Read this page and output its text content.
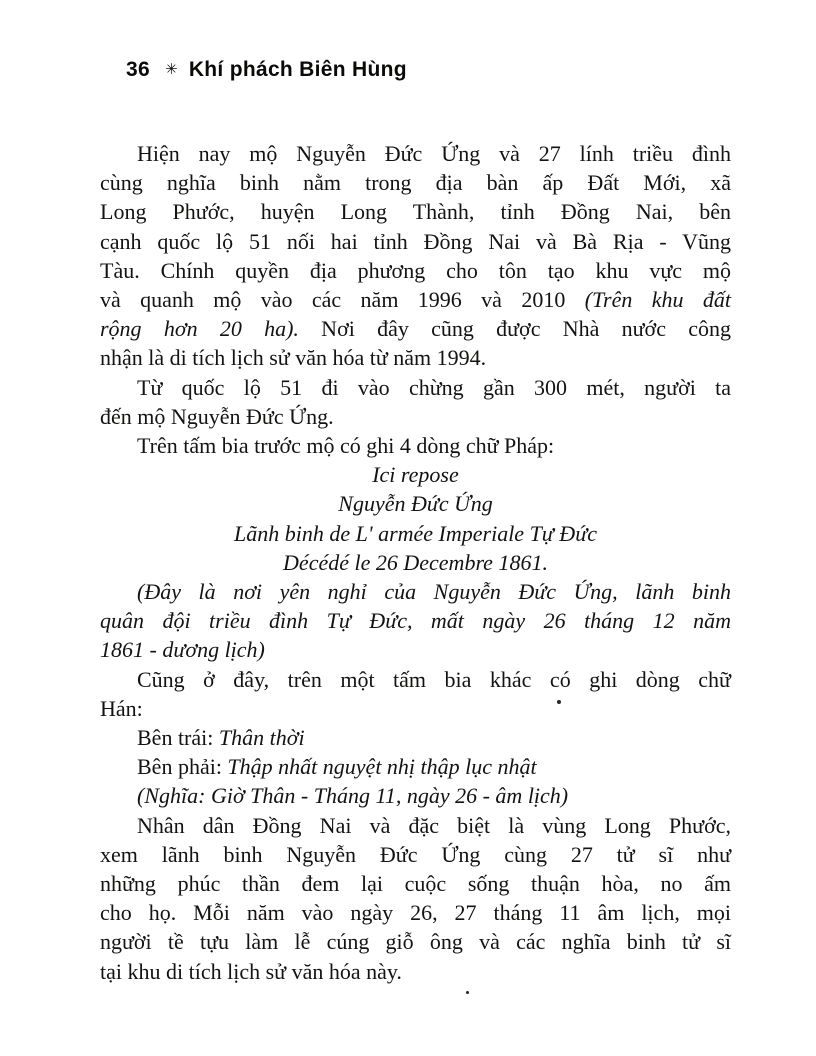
36 ✳ Khí phách Biên Hùng
Hiện nay mộ Nguyễn Đức Ứng và 27 lính triều đình
cùng nghĩa binh nằm trong địa bàn ấp Đất Mới, xã
Long Phước, huyện Long Thành, tỉnh Đồng Nai, bên
cạnh quốc lộ 51 nối hai tỉnh Đồng Nai và Bà Rịa - Vũng
Tàu. Chính quyền địa phương cho tôn tạo khu vực mộ
và quanh mộ vào các năm 1996 và 2010 (Trên khu đất
rộng hơn 20 ha). Nơi đây cũng được Nhà nước công
nhận là di tích lịch sử văn hóa từ năm 1994.
Từ quốc lộ 51 đi vào chừng gần 300 mét, người ta
đến mộ Nguyễn Đức Ứng.
Trên tấm bia trước mộ có ghi 4 dòng chữ Pháp:
Ici repose
Nguyễn Đức Ứng
Lãnh binh de L' armée Imperiale Tự Đức
Décédé le 26 Decembre 1861.
(Đây là nơi yên nghỉ của Nguyễn Đức Ứng, lãnh binh
quân đội triều đình Tự Đức, mất ngày 26 tháng 12 năm
1861 - dương lịch)
Cũng ở đây, trên một tấm bia khác có ghi dòng chữ
Hán:
Bên trái: Thân thời
Bên phải: Thập nhất nguyệt nhị thập lục nhật
(Nghĩa: Giờ Thân - Tháng 11, ngày 26 - âm lịch)
Nhân dân Đồng Nai và đặc biệt là vùng Long Phước,
xem lãnh binh Nguyễn Đức Ứng cùng 27 tử sĩ như
những phúc thần đem lại cuộc sống thuận hòa, no ấm
cho họ. Mỗi năm vào ngày 26, 27 tháng 11 âm lịch, mọi
người tề tựu làm lễ cúng giỗ ông và các nghĩa binh tử sĩ
tại khu di tích lịch sử văn hóa này.
